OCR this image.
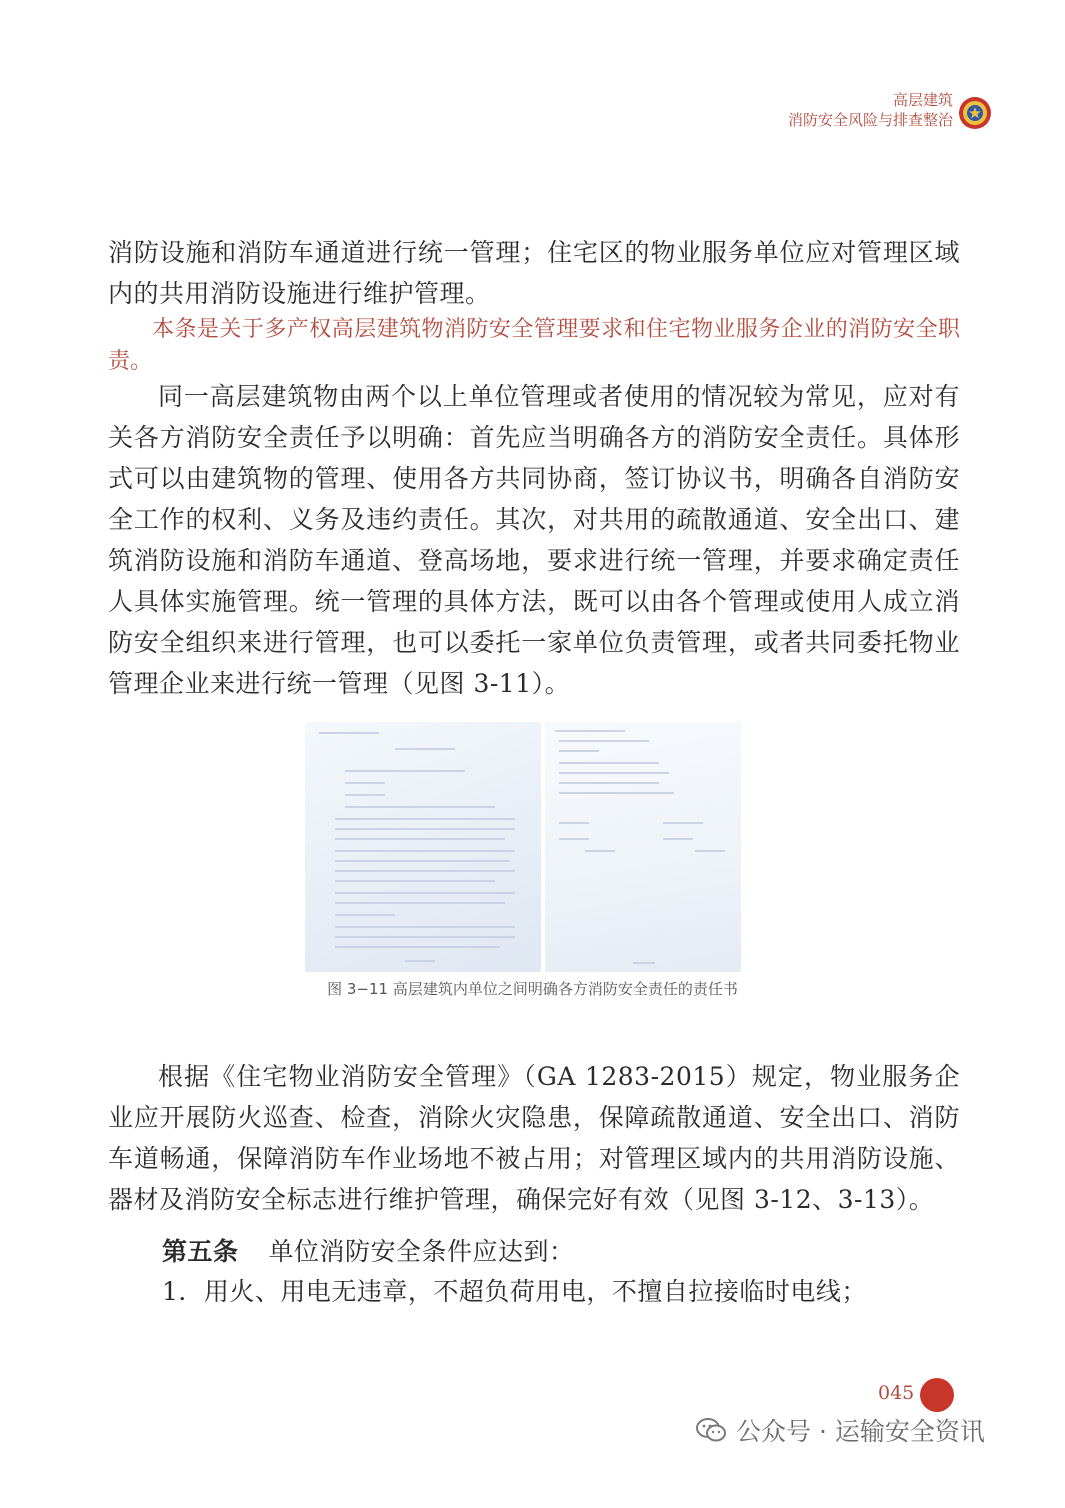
高层建筑
消防安全风险与排查整治

消防设施和消防车通道进行统一管理；住宅区的物业服务单位应对管理区域内的共用消防设施进行维护管理。

本条是关于多产权高层建筑物消防安全管理要求和住宅物业服务企业的消防安全职责。

同一高层建筑物由两个以上单位管理或者使用的情况较为常见，应对有关各方消防安全责任予以明确：首先应当明确各方的消防安全责任。具体形式可以由建筑物的管理、使用各方共同协商，签订协议书，明确各自消防安全工作的权利、义务及违约责任。其次，对共用的疏散通道、安全出口、建筑消防设施和消防车通道、登高场地，要求进行统一管理，并要求确定责任人具体实施管理。统一管理的具体方法，既可以由各个管理或使用人成立消防安全组织来进行管理，也可以委托一家单位负责管理，或者共同委托物业管理企业来进行统一管理（见图 3-11）。

图 3−11 高层建筑内单位之间明确各方消防安全责任的责任书

根据《住宅物业消防安全管理》（GA 1283-2015）规定，物业服务企业应开展防火巡查、检查，消除火灾隐患，保障疏散通道、安全出口、消防车道畅通，保障消防车作业场地不被占用；对管理区域内的共用消防设施、器材及消防安全标志进行维护管理，确保完好有效（见图 3-12、3-13）。

第五条 单位消防安全条件应达到：
1．用火、用电无违章，不超负荷用电，不擅自拉接临时电线；
045
公众号 · 运输安全资讯
